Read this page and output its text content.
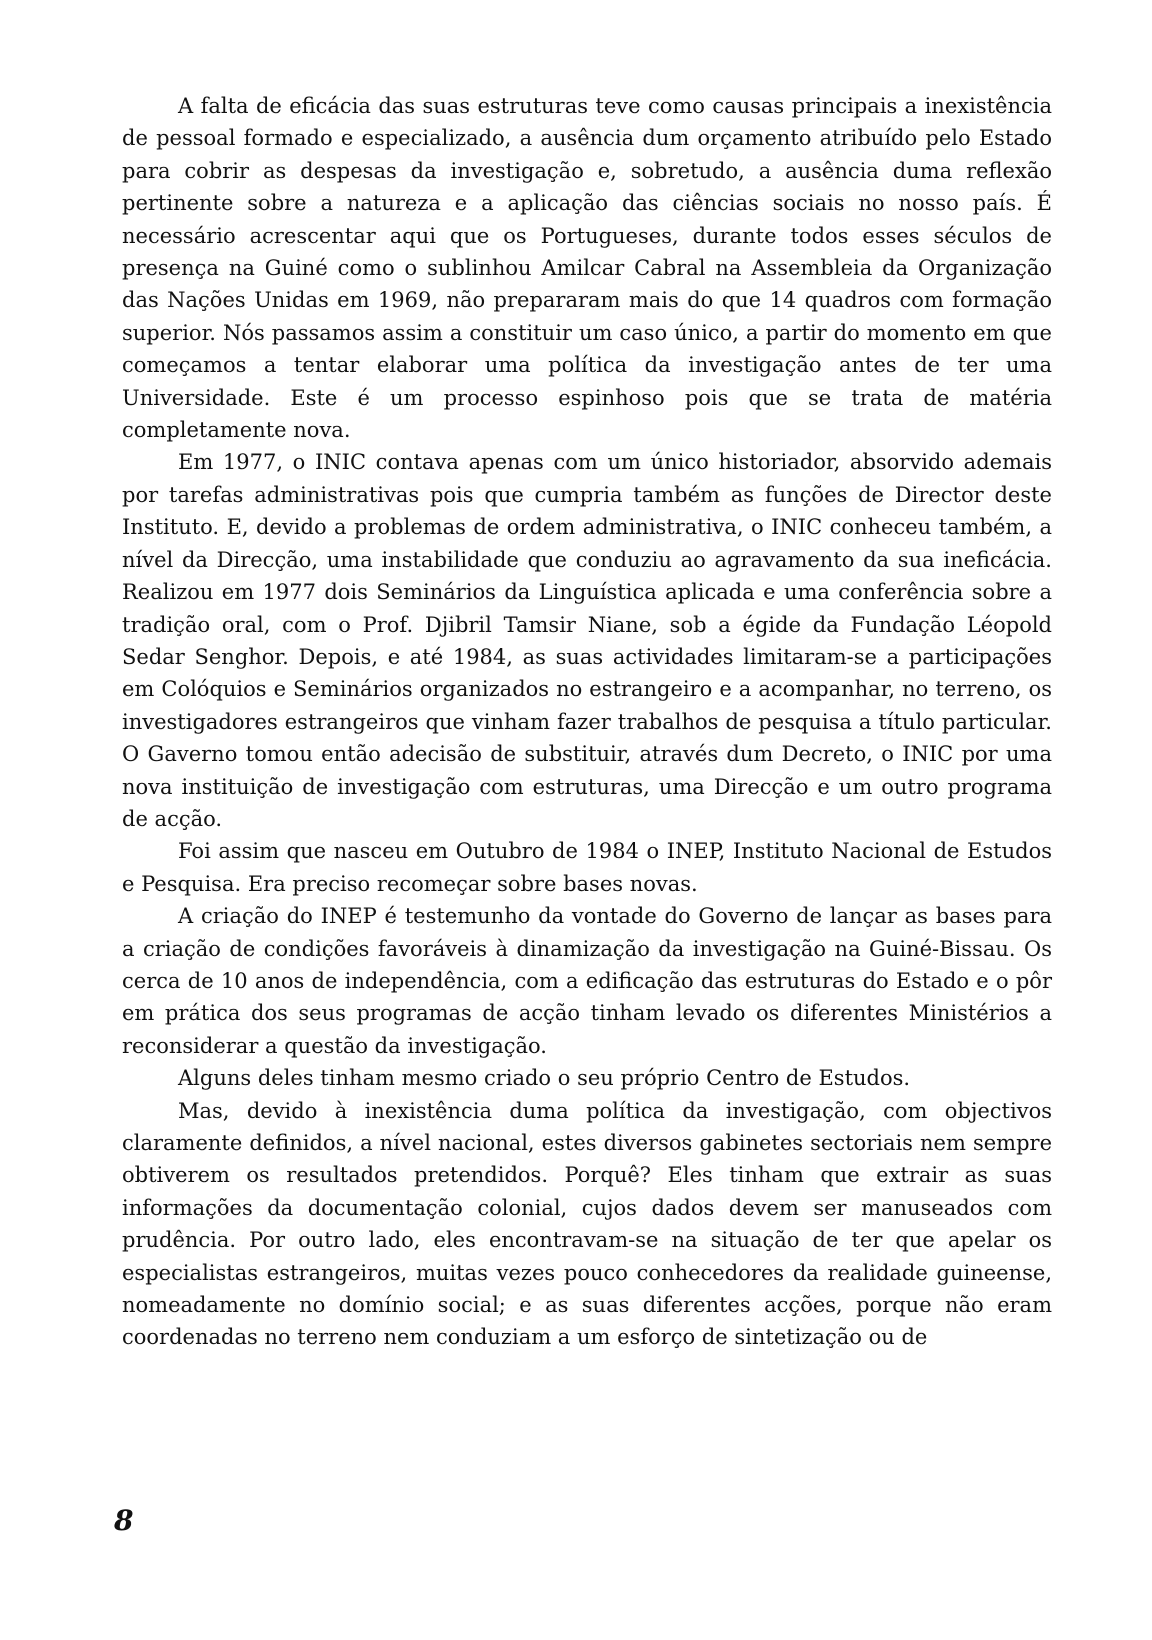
A falta de eficácia das suas estruturas teve como causas principais a inexistência de pessoal formado e especializado, a ausência dum orçamento atribuído pelo Estado para cobrir as despesas da investigação e, sobretudo, a ausência duma reflexão pertinente sobre a natureza e a aplicação das ciências sociais no nosso país. É necessário acrescentar aqui que os Portugueses, durante todos esses séculos de presença na Guiné como o sublinhou Amilcar Cabral na Assembleia da Organização das Nações Unidas em 1969, não prepararam mais do que 14 quadros com formação superior. Nós passamos assim a constituir um caso único, a partir do momento em que começamos a tentar elaborar uma política da investigação antes de ter uma Universidade. Este é um processo espinhoso pois que se trata de matéria completamente nova.

Em 1977, o INIC contava apenas com um único historiador, absorvido ademais por tarefas administrativas pois que cumpria também as funções de Director deste Instituto. E, devido a problemas de ordem administrativa, o INIC conheceu também, a nível da Direcção, uma instabilidade que conduziu ao agravamento da sua ineficácia. Realizou em 1977 dois Seminários da Linguística aplicada e uma conferência sobre a tradição oral, com o Prof. Djibril Tamsir Niane, sob a égide da Fundação Léopold Sedar Senghor. Depois, e até 1984, as suas actividades limitaram-se a participações em Colóquios e Seminários organizados no estrangeiro e a acompanhar, no terreno, os investigadores estrangeiros que vinham fazer trabalhos de pesquisa a título particular. O Gaverno tomou então adecisão de substituir, através dum Decreto, o INIC por uma nova instituição de investigação com estruturas, uma Direcção e um outro programa de acção.

Foi assim que nasceu em Outubro de 1984 o INEP, Instituto Nacional de Estudos e Pesquisa. Era preciso recomeçar sobre bases novas.

A criação do INEP é testemunho da vontade do Governo de lançar as bases para a criação de condições favoráveis à dinamização da investigação na Guiné-Bissau. Os cerca de 10 anos de independência, com a edificação das estruturas do Estado e o pôr em prática dos seus programas de acção tinham levado os diferentes Ministérios a reconsiderar a questão da investigação.

Alguns deles tinham mesmo criado o seu próprio Centro de Estudos.

Mas, devido à inexistência duma política da investigação, com objectivos claramente definidos, a nível nacional, estes diversos gabinetes sectoriais nem sempre obtiverem os resultados pretendidos. Porquê? Eles tinham que extrair as suas informações da documentação colonial, cujos dados devem ser manuseados com prudência. Por outro lado, eles encontravam-se na situação de ter que apelar os especialistas estrangeiros, muitas vezes pouco conhecedores da realidade guineense, nomeadamente no domínio social; e as suas diferentes acções, porque não eram coordenadas no terreno nem conduziam a um esforço de sintetização ou de

8
